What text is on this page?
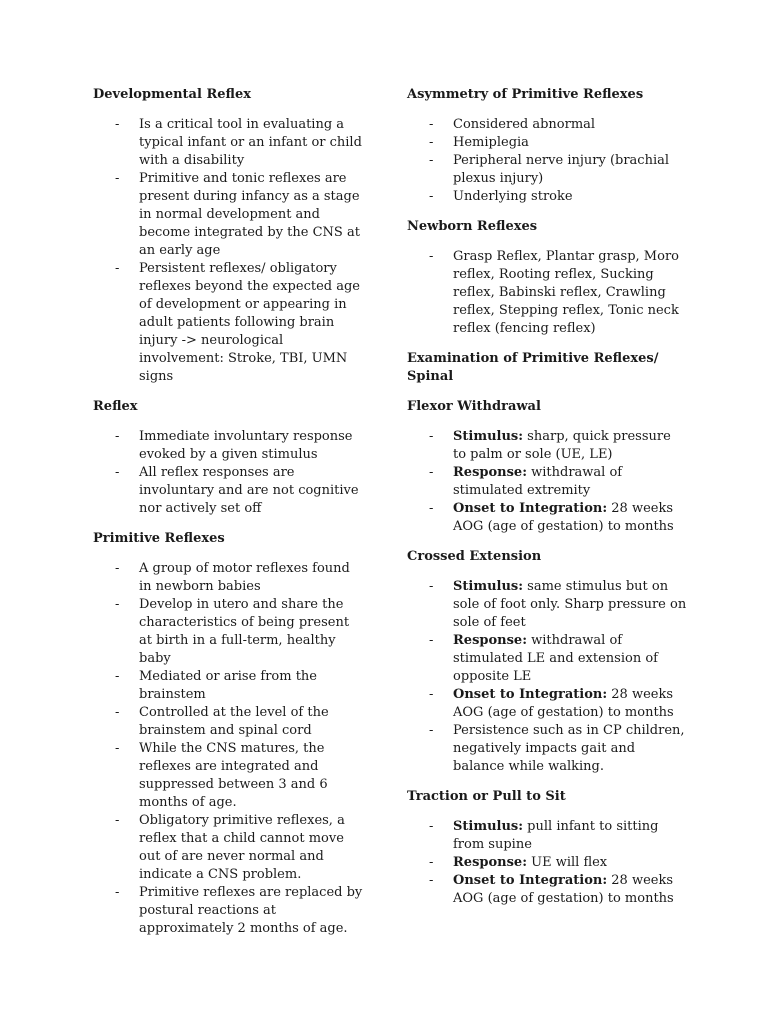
Developmental Reflex
- Is a critical tool in evaluating a typical infant or an infant or child with a disability
- Primitive and tonic reflexes are present during infancy as a stage in normal development and become integrated by the CNS at an early age
- Persistent reflexes/ obligatory reflexes beyond the expected age of development or appearing in adult patients following brain injury -> neurological involvement: Stroke, TBI, UMN signs
Reflex
- Immediate involuntary response evoked by a given stimulus
- All reflex responses are involuntary and are not cognitive nor actively set off
Primitive Reflexes
- A group of motor reflexes found in newborn babies
- Develop in utero and share the characteristics of being present at birth in a full-term, healthy baby
- Mediated or arise from the brainstem
- Controlled at the level of the brainstem and spinal cord
- While the CNS matures, the reflexes are integrated and suppressed between 3 and 6 months of age.
- Obligatory primitive reflexes, a reflex that a child cannot move out of are never normal and indicate a CNS problem.
- Primitive reflexes are replaced by postural reactions at approximately 2 months of age.
Asymmetry of Primitive Reflexes
- Considered abnormal
- Hemiplegia
- Peripheral nerve injury (brachial plexus injury)
- Underlying stroke
Newborn Reflexes
- Grasp Reflex, Plantar grasp, Moro reflex, Rooting reflex, Sucking reflex, Babinski reflex, Crawling reflex, Stepping reflex, Tonic neck reflex (fencing reflex)
Examination of Primitive Reflexes/ Spinal
Flexor Withdrawal
- Stimulus: sharp, quick pressure to palm or sole (UE, LE)
- Response: withdrawal of stimulated extremity
- Onset to Integration: 28 weeks AOG (age of gestation) to months
Crossed Extension
- Stimulus: same stimulus but on sole of foot only. Sharp pressure on sole of feet
- Response: withdrawal of stimulated LE and extension of opposite LE
- Onset to Integration: 28 weeks AOG (age of gestation) to months
- Persistence such as in CP children, negatively impacts gait and balance while walking.
Traction or Pull to Sit
- Stimulus: pull infant to sitting from supine
- Response: UE will flex
- Onset to Integration: 28 weeks AOG (age of gestation) to months
